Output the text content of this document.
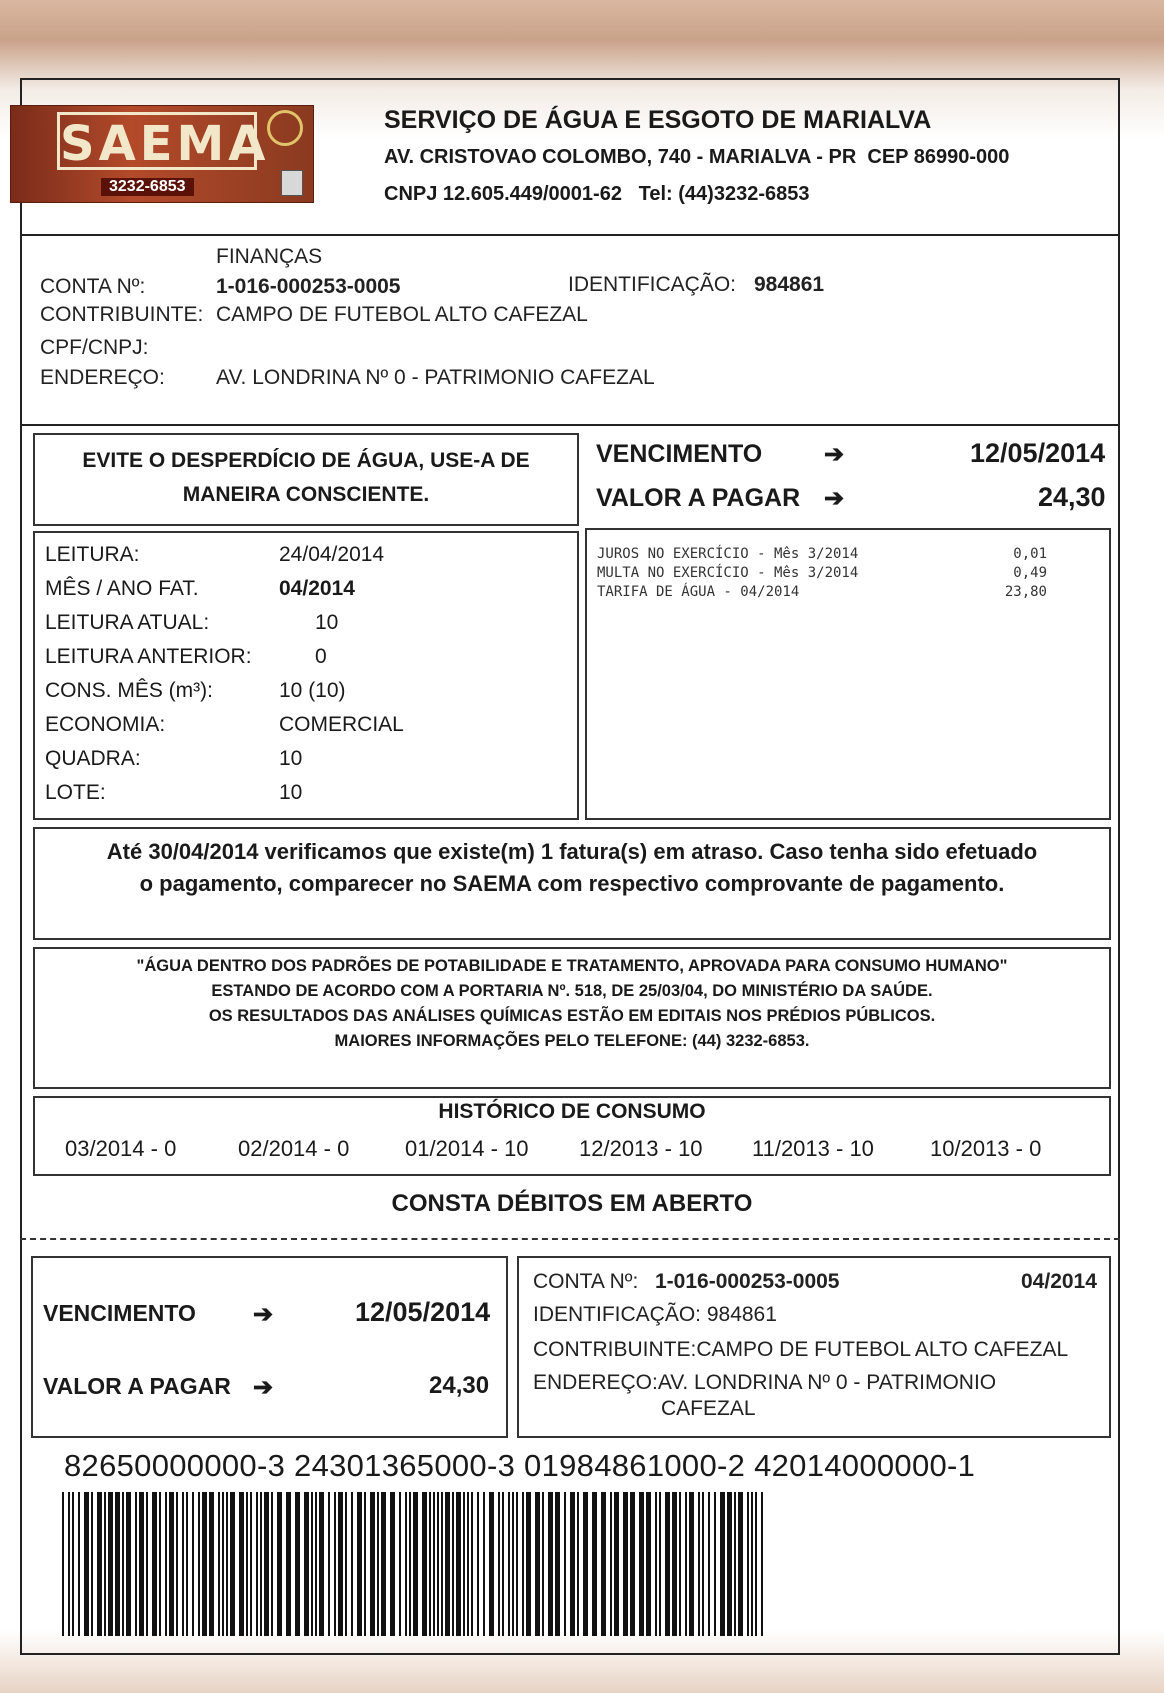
SAEMA
3232-6853
SERVIÇO DE ÁGUA E ESGOTO DE MARIALVA
AV. CRISTOVAO COLOMBO, 740 - MARIALVA - PR  CEP 86990-000
CNPJ 12.605.449/0001-62   Tel: (44)3232-6853
FINANÇAS
CONTA Nº:	1-016-000253-0005	IDENTIFICAÇÃO: 984861
CONTRIBUINTE: CAMPO DE FUTEBOL ALTO CAFEZAL
CPF/CNPJ:
ENDEREÇO: AV. LONDRINA Nº 0 - PATRIMONIO CAFEZAL
EVITE O DESPERDÍCIO DE ÁGUA, USE-A DE
MANEIRA CONSCIENTE.
VENCIMENTO	➔	12/05/2014
VALOR A PAGAR ➔	24,30
LEITURA:	24/04/2014
MÊS / ANO FAT.	04/2014
LEITURA ATUAL:	10
LEITURA ANTERIOR:	0
CONS. MÊS (m³):	10 (10)
ECONOMIA:	COMERCIAL
QUADRA:	10
LOTE:	10
JUROS NO EXERCÍCIO - Mês 3/2014	0,01
MULTA NO EXERCÍCIO - Mês 3/2014	0,49
TARIFA DE ÁGUA - 04/2014	23,80
Até 30/04/2014 verificamos que existe(m) 1 fatura(s) em atraso. Caso tenha sido efetuado
o pagamento, comparecer no SAEMA com respectivo comprovante de pagamento.
"ÁGUA DENTRO DOS PADRÕES DE POTABILIDADE E TRATAMENTO, APROVADA PARA CONSUMO HUMANO"
ESTANDO DE ACORDO COM A PORTARIA Nº. 518, DE 25/03/04, DO MINISTÉRIO DA SAÚDE.
OS RESULTADOS DAS ANÁLISES QUÍMICAS ESTÃO EM EDITAIS NOS PRÉDIOS PÚBLICOS.
MAIORES INFORMAÇÕES PELO TELEFONE: (44) 3232-6853.
HISTÓRICO DE CONSUMO
03/2014 - 0	02/2014 - 0	01/2014 - 10 12/2013 - 10 11/2013 - 10	10/2013 - 0
CONSTA DÉBITOS EM ABERTO
VENCIMENTO ➔	12/05/2014
VALOR A PAGAR ➔	24,30
CONTA Nº: 1-016-000253-0005	04/2014
IDENTIFICAÇÃO: 984861
CONTRIBUINTE:CAMPO DE FUTEBOL ALTO CAFEZAL
ENDEREÇO:AV. LONDRINA Nº 0 - PATRIMONIO
CAFEZAL
82650000000-3 24301365000-3 01984861000-2 42014000000-1
